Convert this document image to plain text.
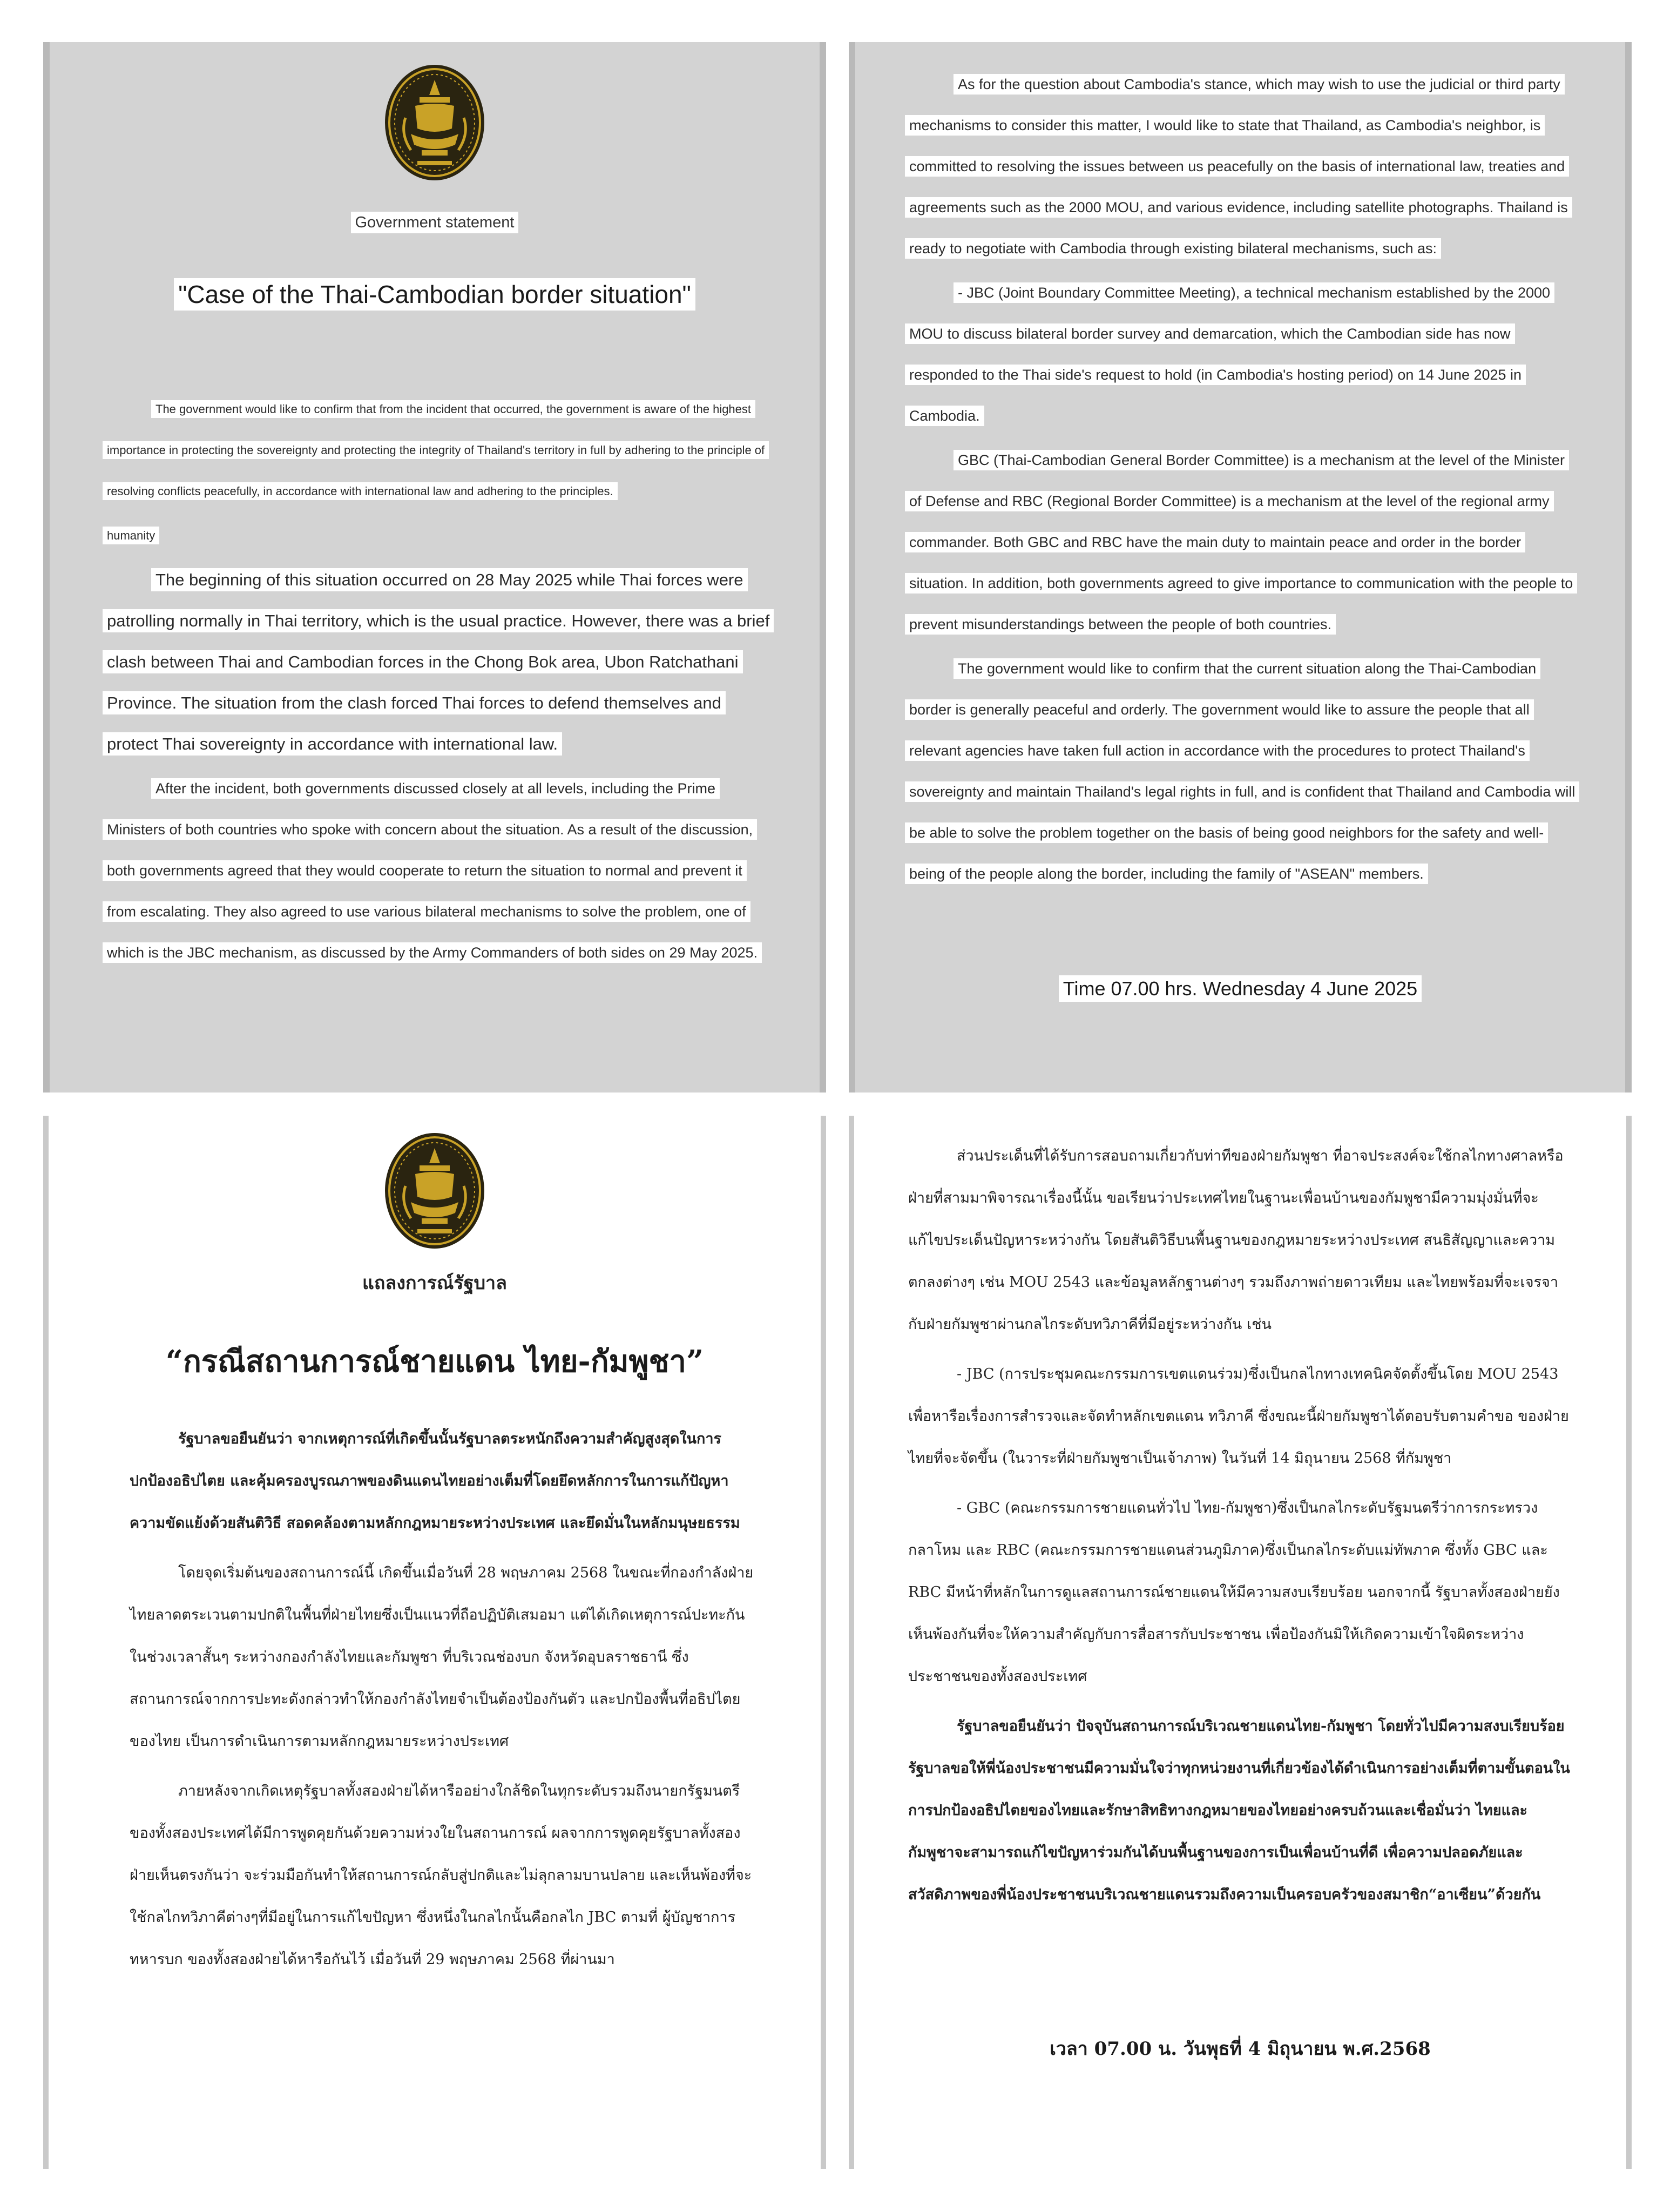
Government statement
"Case of the Thai-Cambodian border situation"

The government would like to confirm that from the incident that occurred, the government is aware of the highest importance in protecting the sovereignty and protecting the integrity of Thailand's territory in full by adhering to the principle of resolving conflicts peacefully, in accordance with international law and adhering to the principles.

humanity

The beginning of this situation occurred on 28 May 2025 while Thai forces were patrolling normally in Thai territory, which is the usual practice. However, there was a brief clash between Thai and Cambodian forces in the Chong Bok area, Ubon Ratchathani Province. The situation from the clash forced Thai forces to defend themselves and protect Thai sovereignty in accordance with international law.

After the incident, both governments discussed closely at all levels, including the Prime Ministers of both countries who spoke with concern about the situation. As a result of the discussion, both governments agreed that they would cooperate to return the situation to normal and prevent it from escalating. They also agreed to use various bilateral mechanisms to solve the problem, one of which is the JBC mechanism, as discussed by the Army Commanders of both sides on 29 May 2025.

As for the question about Cambodia's stance, which may wish to use the judicial or third party mechanisms to consider this matter, I would like to state that Thailand, as Cambodia's neighbor, is committed to resolving the issues between us peacefully on the basis of international law, treaties and agreements such as the 2000 MOU, and various evidence, including satellite photographs. Thailand is ready to negotiate with Cambodia through existing bilateral mechanisms, such as:

- JBC (Joint Boundary Committee Meeting), a technical mechanism established by the 2000 MOU to discuss bilateral border survey and demarcation, which the Cambodian side has now responded to the Thai side's request to hold (in Cambodia's hosting period) on 14 June 2025 in Cambodia.

GBC (Thai-Cambodian General Border Committee) is a mechanism at the level of the Minister of Defense and RBC (Regional Border Committee) is a mechanism at the level of the regional army commander. Both GBC and RBC have the main duty to maintain peace and order in the border situation. In addition, both governments agreed to give importance to communication with the people to prevent misunderstandings between the people of both countries.

The government would like to confirm that the current situation along the Thai-Cambodian border is generally peaceful and orderly. The government would like to assure the people that all relevant agencies have taken full action in accordance with the procedures to protect Thailand's sovereignty and maintain Thailand's legal rights in full, and is confident that Thailand and Cambodia will be able to solve the problem together on the basis of being good neighbors for the safety and well-being of the people along the border, including the family of "ASEAN" members.

Time 07.00 hrs. Wednesday 4 June 2025
แถลงการณ์รัฐบาล
“กรณีสถานการณ์ชายแดน ไทย-กัมพูชา”

รัฐบาลขอยืนยันว่า จากเหตุการณ์ที่เกิดขึ้นนั้นรัฐบาลตระหนักถึงความสำคัญสูงสุดในการปกป้องอธิปไตย และคุ้มครองบูรณภาพของดินแดนไทยอย่างเต็มที่โดยยึดหลักการในการแก้ปัญหาความขัดแย้งด้วยสันติวิธี สอดคล้องตามหลักกฎหมายระหว่างประเทศ และยึดมั่นในหลักมนุษยธรรม

โดยจุดเริ่มต้นของสถานการณ์นี้ เกิดขึ้นเมื่อวันที่ 28 พฤษภาคม 2568 ในขณะที่กองกำลังฝ่ายไทยลาดตระเวนตามปกติในพื้นที่ฝ่ายไทยซึ่งเป็นแนวที่ถือปฏิบัติเสมอมา แต่ได้เกิดเหตุการณ์ปะทะกันในช่วงเวลาสั้นๆ ระหว่างกองกำลังไทยและกัมพูชา ที่บริเวณช่องบก จังหวัดอุบลราชธานี ซึ่งสถานการณ์จากการปะทะดังกล่าวทำให้กองกำลังไทยจำเป็นต้องป้องกันตัว และปกป้องพื้นที่อธิปไตยของไทย เป็นการดำเนินการตามหลักกฎหมายระหว่างประเทศ

ภายหลังจากเกิดเหตุรัฐบาลทั้งสองฝ่ายได้หารืออย่างใกล้ชิดในทุกระดับรวมถึงนายกรัฐมนตรี ของทั้งสองประเทศได้มีการพูดคุยกันด้วยความห่วงใยในสถานการณ์ ผลจากการพูดคุยรัฐบาลทั้งสองฝ่ายเห็นตรงกันว่า จะร่วมมือกันทำให้สถานการณ์กลับสู่ปกติและไม่ลุกลามบานปลาย และเห็นพ้องที่จะใช้กลไกทวิภาคีต่างๆที่มีอยู่ในการแก้ไขปัญหา ซึ่งหนึ่งในกลไกนั้นคือกลไก JBC ตามที่ ผู้บัญชาการทหารบก ของทั้งสองฝ่ายได้หารือกันไว้ เมื่อวันที่ 29 พฤษภาคม 2568 ที่ผ่านมา

ส่วนประเด็นที่ได้รับการสอบถามเกี่ยวกับท่าทีของฝ่ายกัมพูชา ที่อาจประสงค์จะใช้กลไกทางศาลหรือฝ่ายที่สามมาพิจารณาเรื่องนี้นั้น ขอเรียนว่าประเทศไทยในฐานะเพื่อนบ้านของกัมพูชามีความมุ่งมั่นที่จะแก้ไขประเด็นปัญหาระหว่างกัน โดยสันติวิธีบนพื้นฐานของกฎหมายระหว่างประเทศ สนธิสัญญาและความตกลงต่างๆ เช่น MOU 2543 และข้อมูลหลักฐานต่างๆ รวมถึงภาพถ่ายดาวเทียม และไทยพร้อมที่จะเจรจากับฝ่ายกัมพูชาผ่านกลไกระดับทวิภาคีที่มีอยู่ระหว่างกัน เช่น

- JBC (การประชุมคณะกรรมการเขตแดนร่วม)ซึ่งเป็นกลไกทางเทคนิคจัดตั้งขึ้นโดย MOU 2543 เพื่อหารือเรื่องการสำรวจและจัดทำหลักเขตแดน ทวิภาคี ซึ่งขณะนี้ฝ่ายกัมพูชาได้ตอบรับตามคำขอ ของฝ่ายไทยที่จะจัดขึ้น (ในวาระที่ฝ่ายกัมพูชาเป็นเจ้าภาพ) ในวันที่ 14 มิถุนายน 2568 ที่กัมพูชา

- GBC (คณะกรรมการชายแดนทั่วไป ไทย-กัมพูชา)ซึ่งเป็นกลไกระดับรัฐมนตรีว่าการกระทรวงกลาโหม และ RBC (คณะกรรมการชายแดนส่วนภูมิภาค)ซึ่งเป็นกลไกระดับแม่ทัพภาค ซึ่งทั้ง GBC และ RBC มีหน้าที่หลักในการดูแลสถานการณ์ชายแดนให้มีความสงบเรียบร้อย นอกจากนี้ รัฐบาลทั้งสองฝ่ายยังเห็นพ้องกันที่จะให้ความสำคัญกับการสื่อสารกับประชาชน เพื่อป้องกันมิให้เกิดความเข้าใจผิดระหว่างประชาชนของทั้งสองประเทศ

รัฐบาลขอยืนยันว่า ปัจจุบันสถานการณ์บริเวณชายแดนไทย-กัมพูชา โดยทั่วไปมีความสงบเรียบร้อย รัฐบาลขอให้พี่น้องประชาชนมีความมั่นใจว่าทุกหน่วยงานที่เกี่ยวข้องได้ดำเนินการอย่างเต็มที่ตามขั้นตอนในการปกป้องอธิปไตยของไทยและรักษาสิทธิทางกฎหมายของไทยอย่างครบถ้วนและเชื่อมั่นว่า ไทยและกัมพูชาจะสามารถแก้ไขปัญหาร่วมกันได้บนพื้นฐานของการเป็นเพื่อนบ้านที่ดี เพื่อความปลอดภัยและสวัสดิภาพของพี่น้องประชาชนบริเวณชายแดนรวมถึงความเป็นครอบครัวของสมาชิก“อาเซียน”ด้วยกัน

เวลา 07.00 น. วันพุธที่ 4 มิถุนายน พ.ศ.2568
